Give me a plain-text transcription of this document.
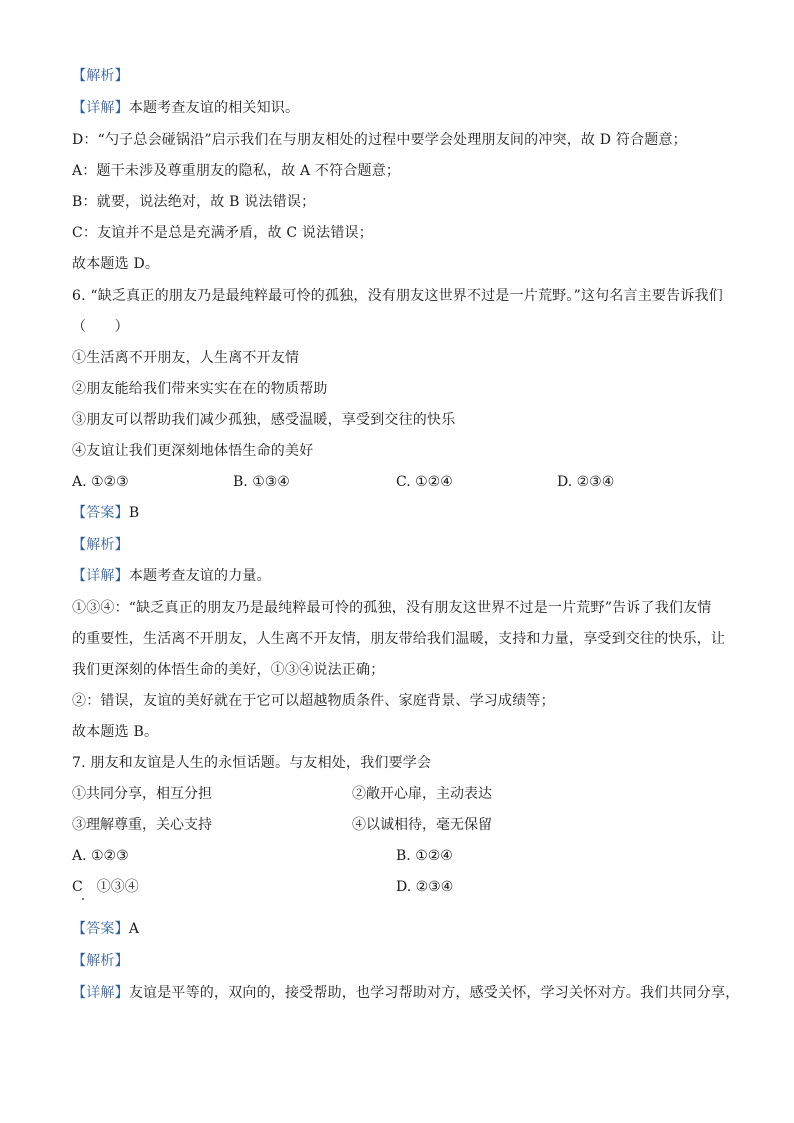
【解析】
【详解】本题考查友谊的相关知识。
D：“勺子总会碰锅沿”启示我们在与朋友相处的过程中要学会处理朋友间的冲突，故 D 符合题意；
A：题干未涉及尊重朋友的隐私，故 A 不符合题意；
B：就要，说法绝对，故 B 说法错误；
C：友谊并不是总是充满矛盾，故 C 说法错误；
故本题选 D。
6. “缺乏真正的朋友乃是最纯粹最可怜的孤独，没有朋友这世界不过是一片荒野。”这句名言主要告诉我们
（　　）
①生活离不开朋友，人生离不开友情
②朋友能给我们带来实实在在的物质帮助
③朋友可以帮助我们减少孤独，感受温暖，享受到交往的快乐
④友谊让我们更深刻地体悟生命的美好
A. ①②③	B. ①③④	C. ①②④	D. ②③④
【答案】B
【解析】
【详解】本题考查友谊的力量。
①③④：“缺乏真正的朋友乃是最纯粹最可怜的孤独，没有朋友这世界不过是一片荒野”告诉了我们友情
的重要性，生活离不开朋友，人生离不开友情，朋友带给我们温暖，支持和力量，享受到交往的快乐，让
我们更深刻的体悟生命的美好，①③④说法正确；
②：错误，友谊的美好就在于它可以超越物质条件、家庭背景、学习成绩等；
故本题选 B。
7. 朋友和友谊是人生的永恒话题。与友相处，我们要学会
①共同分享，相互分担	②敞开心扉，主动表达
③理解尊重，关心支持	④以诚相待，毫无保留
A. ①②③	B. ①②④
C　①③④	D. ②③④
【答案】A
【解析】
【详解】友谊是平等的，双向的，接受帮助，也学习帮助对方，感受关怀，学习关怀对方。我们共同分享，
